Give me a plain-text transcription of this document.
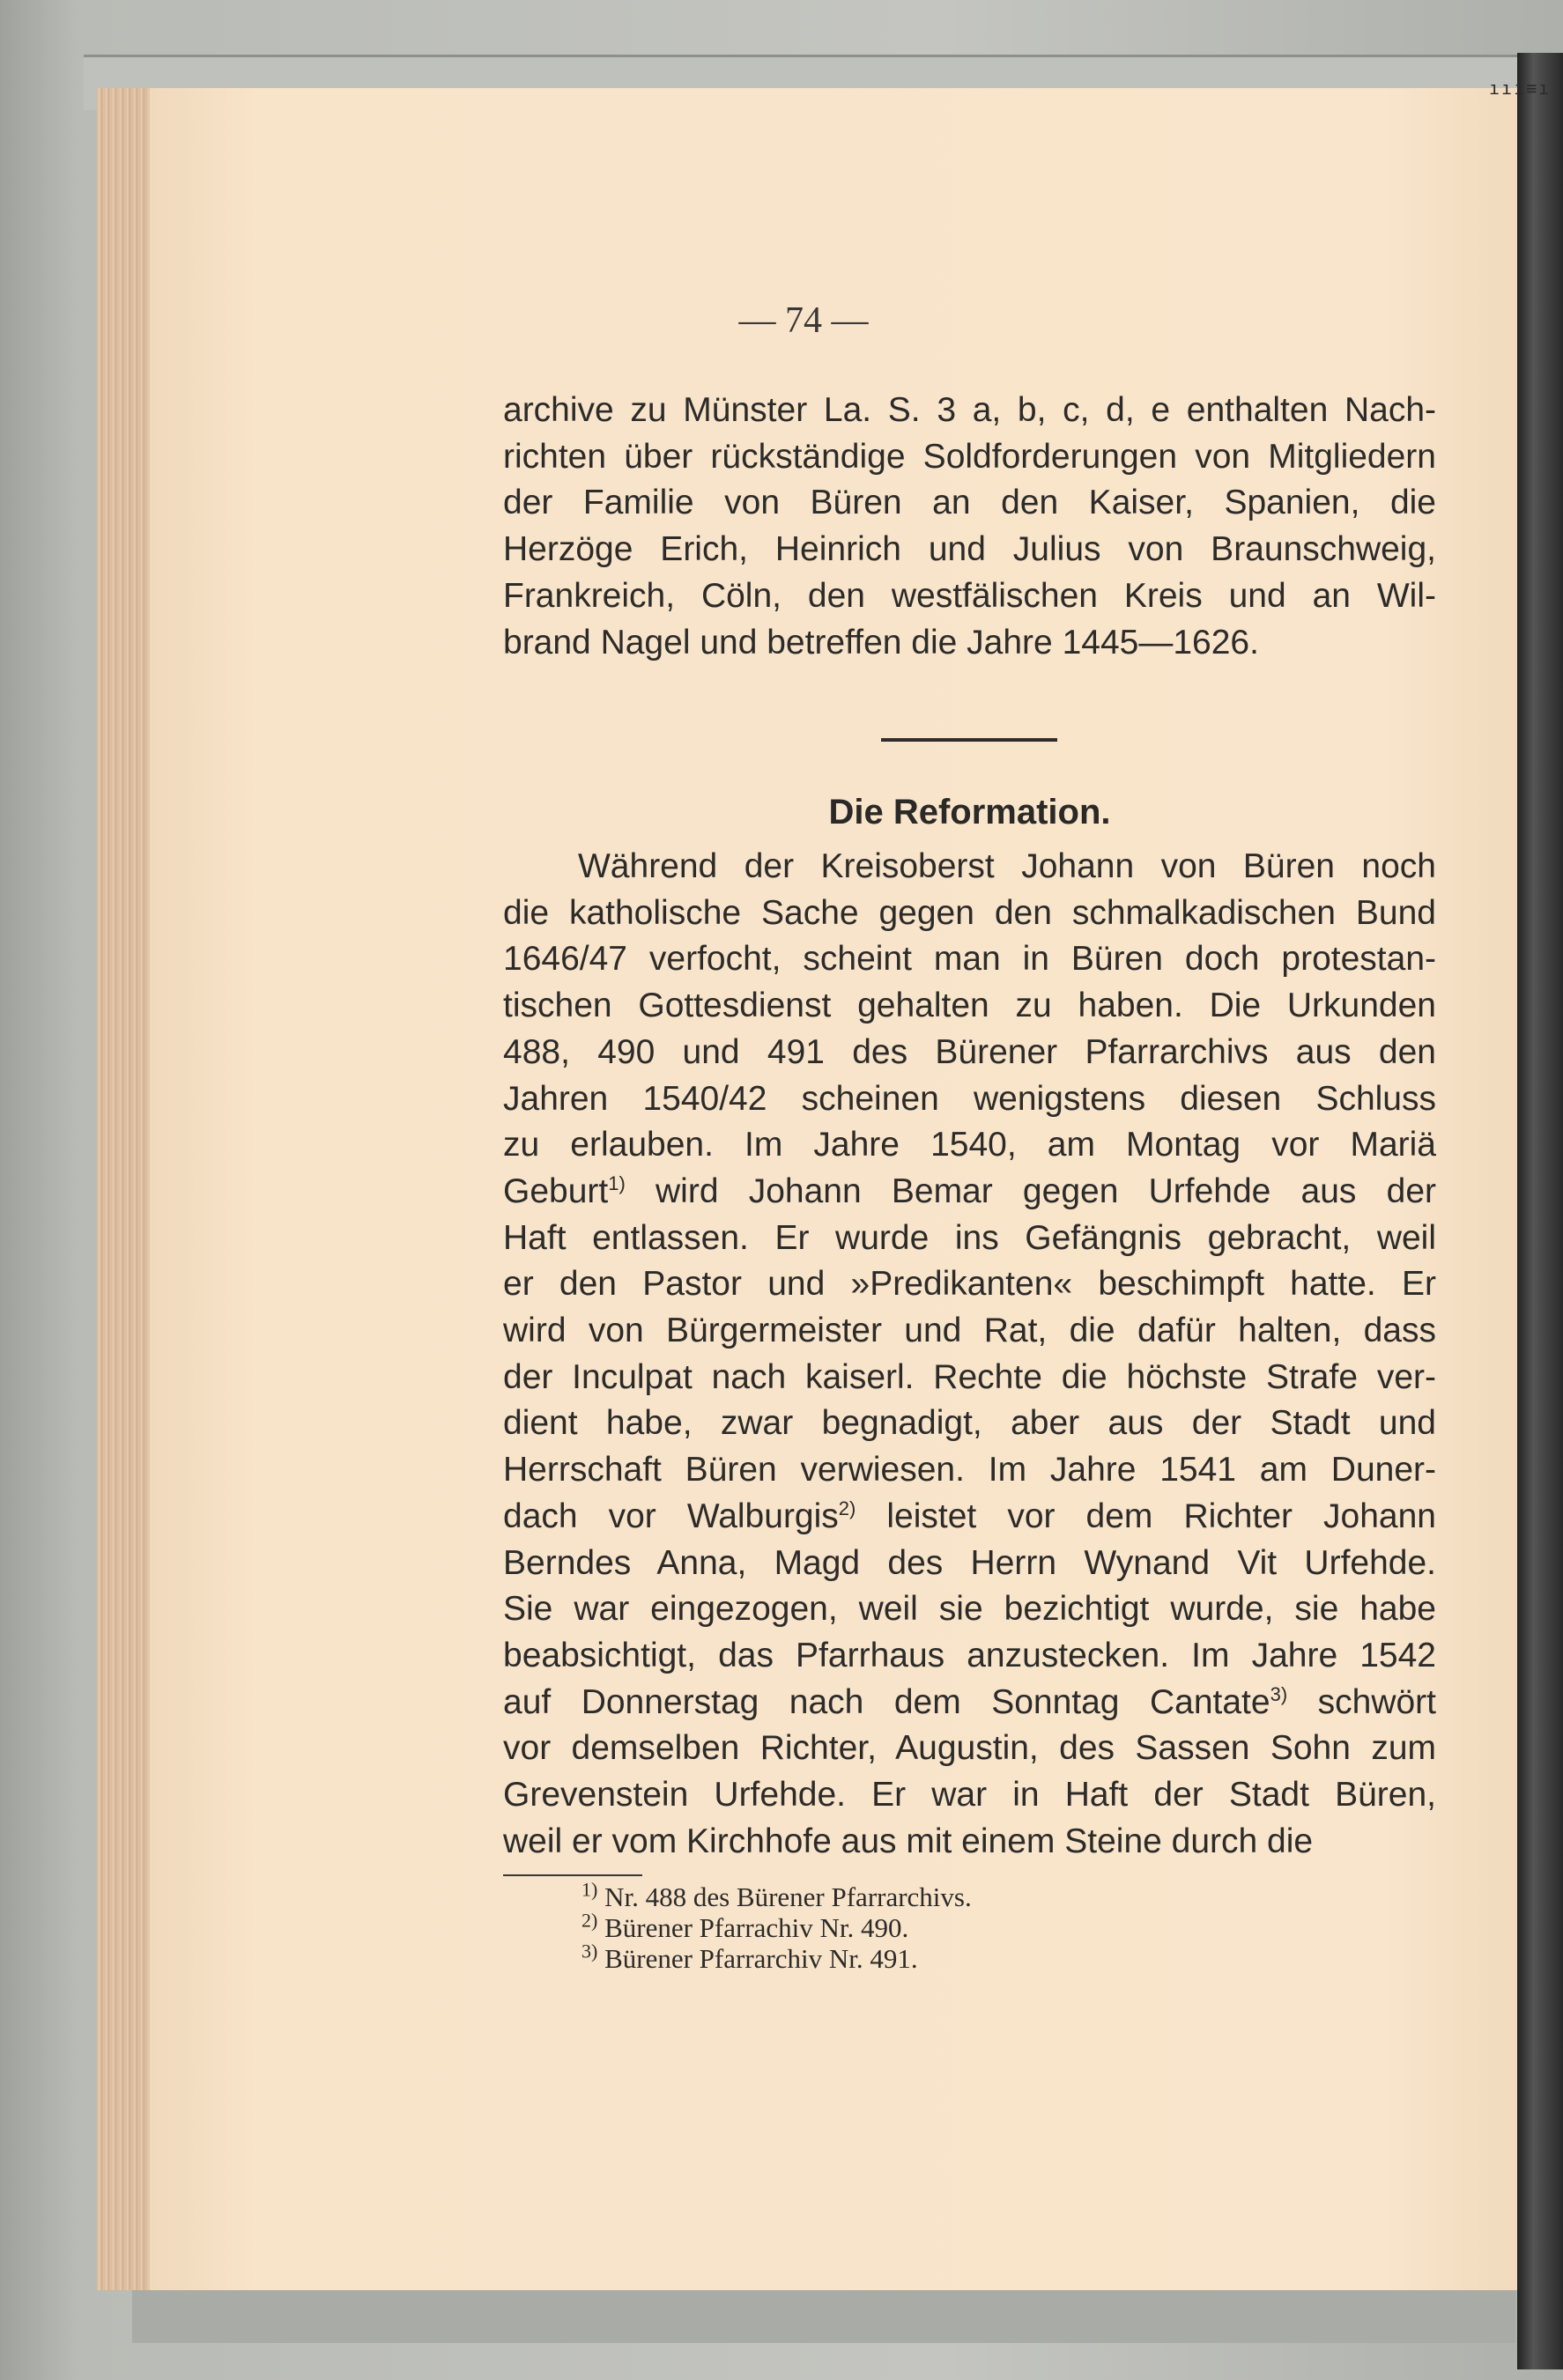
ııı≡ı
— 74 —
archive zu Münster La. S. 3 a, b, c, d, e enthalten Nach-
richten über rückständige Soldforderungen von Mitgliedern
der Familie von Büren an den Kaiser, Spanien, die
Herzöge Erich, Heinrich und Julius von Braunschweig,
Frankreich, Cöln, den westfälischen Kreis und an Wil-
brand Nagel und betreffen die Jahre 1445—1626.
Die Reformation.
Während der Kreisoberst Johann von Büren noch
die katholische Sache gegen den schmalkadischen Bund
1646/47 verfocht, scheint man in Büren doch protestan-
tischen Gottesdienst gehalten zu haben. Die Urkunden
488, 490 und 491 des Bürener Pfarrarchivs aus den
Jahren 1540/42 scheinen wenigstens diesen Schluss
zu erlauben. Im Jahre 1540, am Montag vor Mariä
Geburt$^{1)}$ wird Johann Bemar gegen Urfehde aus der
Haft entlassen. Er wurde ins Gefängnis gebracht, weil
er den Pastor und »Predikanten« beschimpft hatte. Er
wird von Bürgermeister und Rat, die dafür halten, dass
der Inculpat nach kaiserl. Rechte die höchste Strafe ver-
dient habe, zwar begnadigt, aber aus der Stadt und
Herrschaft Büren verwiesen. Im Jahre 1541 am Duner-
dach vor Walburgis$^{2)}$ leistet vor dem Richter Johann
Berndes Anna, Magd des Herrn Wynand Vit Urfehde.
Sie war eingezogen, weil sie bezichtigt wurde, sie habe
beabsichtigt, das Pfarrhaus anzustecken. Im Jahre 1542
auf Donnerstag nach dem Sonntag Cantate$^{3)}$ schwört
vor demselben Richter, Augustin, des Sassen Sohn zum
Grevenstein Urfehde. Er war in Haft der Stadt Büren,
weil er vom Kirchhofe aus mit einem Steine durch die
$^{1)}$ Nr. 488 des Bürener Pfarrarchivs.
$^{2)}$ Bürener Pfarrachiv Nr. 490.
$^{3)}$ Bürener Pfarrarchiv Nr. 491.
